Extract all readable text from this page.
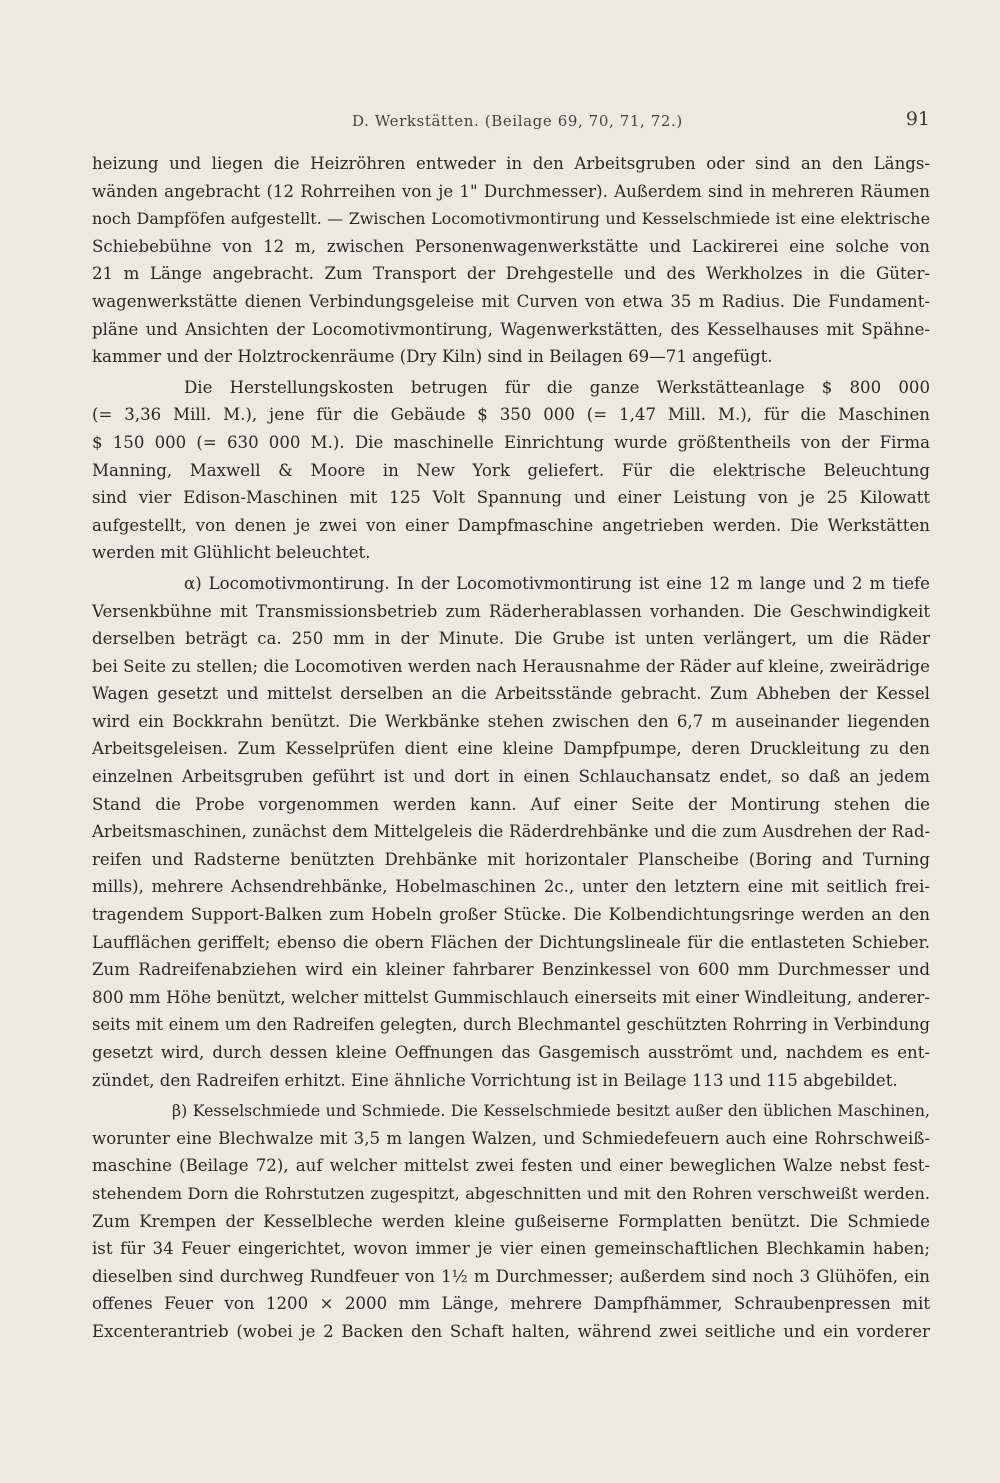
D. Werkstätten. (Beilage 69, 70, 71, 72.)	91
heizung und liegen die Heizröhren entweder in den Arbeitsgruben oder sind an den Längs-
wänden angebracht (12 Rohrreihen von je 1" Durchmesser). Außerdem sind in mehreren Räumen
noch Dampföfen aufgestellt. — Zwischen Locomotivmontirung und Kesselschmiede ist eine elektrische
Schiebebühne von 12 m, zwischen Personenwagenwerkstätte und Lackirerei eine solche von
21 m Länge angebracht. Zum Transport der Drehgestelle und des Werkholzes in die Güter-
wagenwerkstätte dienen Verbindungsgeleise mit Curven von etwa 35 m Radius. Die Fundament-
pläne und Ansichten der Locomotivmontirung, Wagenwerkstätten, des Kesselhauses mit Spähne-
kammer und der Holztrockenräume (Dry Kiln) sind in Beilagen 69—71 angefügt.
Die Herstellungskosten betrugen für die ganze Werkstätteanlage $ 800 000
(= 3,36 Mill. M.), jene für die Gebäude $ 350 000 (= 1,47 Mill. M.), für die Maschinen
$ 150 000 (= 630 000 M.). Die maschinelle Einrichtung wurde größtentheils von der Firma
Manning, Maxwell & Moore in New York geliefert. Für die elektrische Beleuchtung
sind vier Edison-Maschinen mit 125 Volt Spannung und einer Leistung von je 25 Kilowatt
aufgestellt, von denen je zwei von einer Dampfmaschine angetrieben werden. Die Werkstätten
werden mit Glühlicht beleuchtet.
α) Locomotivmontirung. In der Locomotivmontirung ist eine 12 m lange und 2 m tiefe
Versenkbühne mit Transmissionsbetrieb zum Räderherablassen vorhanden. Die Geschwindigkeit
derselben beträgt ca. 250 mm in der Minute. Die Grube ist unten verlängert, um die Räder
bei Seite zu stellen; die Locomotiven werden nach Herausnahme der Räder auf kleine, zweirädrige
Wagen gesetzt und mittelst derselben an die Arbeitsstände gebracht. Zum Abheben der Kessel
wird ein Bockkrahn benützt. Die Werkbänke stehen zwischen den 6,7 m auseinander liegenden
Arbeitsgeleisen. Zum Kesselprüfen dient eine kleine Dampfpumpe, deren Druckleitung zu den
einzelnen Arbeitsgruben geführt ist und dort in einen Schlauchansatz endet, so daß an jedem
Stand die Probe vorgenommen werden kann. Auf einer Seite der Montirung stehen die
Arbeitsmaschinen, zunächst dem Mittelgeleis die Räderdrehbänke und die zum Ausdrehen der Rad-
reifen und Radsterne benützten Drehbänke mit horizontaler Planscheibe (Boring and Turning
mills), mehrere Achsendrehbänke, Hobelmaschinen 2c., unter den letztern eine mit seitlich frei-
tragendem Support-Balken zum Hobeln großer Stücke. Die Kolbendichtungsringe werden an den
Laufflächen geriffelt; ebenso die obern Flächen der Dichtungslineale für die entlasteten Schieber.
Zum Radreifenabziehen wird ein kleiner fahrbarer Benzinkessel von 600 mm Durchmesser und
800 mm Höhe benützt, welcher mittelst Gummischlauch einerseits mit einer Windleitung, anderer-
seits mit einem um den Radreifen gelegten, durch Blechmantel geschützten Rohrring in Verbindung
gesetzt wird, durch dessen kleine Oeffnungen das Gasgemisch ausströmt und, nachdem es ent-
zündet, den Radreifen erhitzt. Eine ähnliche Vorrichtung ist in Beilage 113 und 115 abgebildet.
β) Kesselschmiede und Schmiede. Die Kesselschmiede besitzt außer den üblichen Maschinen,
worunter eine Blechwalze mit 3,5 m langen Walzen, und Schmiedefeuern auch eine Rohrschweiß-
maschine (Beilage 72), auf welcher mittelst zwei festen und einer beweglichen Walze nebst fest-
stehendem Dorn die Rohrstutzen zugespitzt, abgeschnitten und mit den Rohren verschweißt werden.
Zum Krempen der Kesselbleche werden kleine gußeiserne Formplatten benützt. Die Schmiede
ist für 34 Feuer eingerichtet, wovon immer je vier einen gemeinschaftlichen Blechkamin haben;
dieselben sind durchweg Rundfeuer von 1½ m Durchmesser; außerdem sind noch 3 Glühöfen, ein
offenes Feuer von 1200 × 2000 mm Länge, mehrere Dampfhämmer, Schraubenpressen mit
Excenterantrieb (wobei je 2 Backen den Schaft halten, während zwei seitliche und ein vorderer
